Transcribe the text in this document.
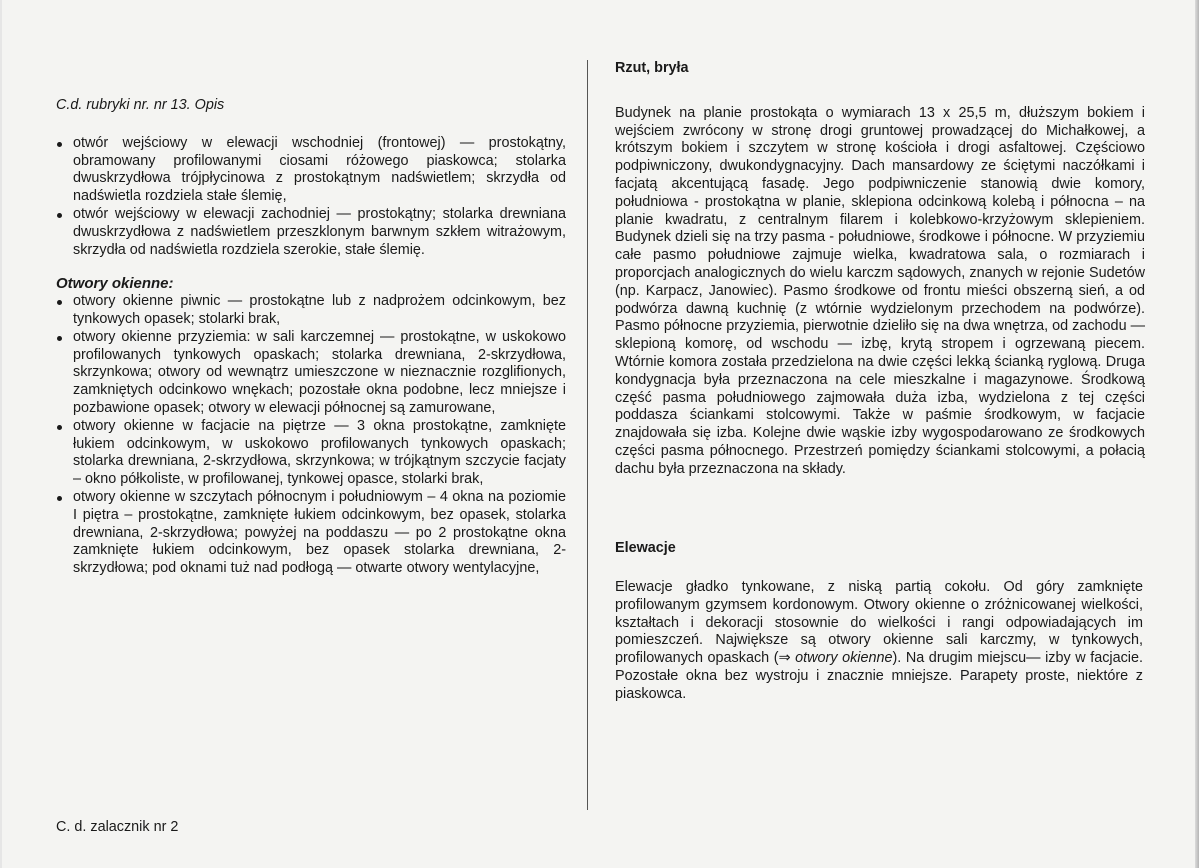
C.d. rubryki nr. nr 13. Opis

otwór wejściowy w elewacji wschodniej (frontowej) — prostokątny, obramowany profilowanymi ciosami różowego piaskowca; stolarka dwuskrzydłowa trójpłycinowa z prostokątnym nadświetlem; skrzydła od nadświetla rozdziela stałe ślemię,
otwór wejściowy w elewacji zachodniej — prostokątny; stolarka drewniana dwuskrzydłowa z nadświetlem przeszklonym barwnym szkłem witrażowym, skrzydła od nadświetla rozdziela szerokie, stałe ślemię.

Otwory okienne:

otwory okienne piwnic — prostokątne lub z nadprożem odcinkowym, bez tynkowych opasek; stolarki brak,
otwory okienne przyziemia: w sali karczemnej — prostokątne, w uskokowo profilowanych tynkowych opaskach; stolarka drewniana, 2-skrzydłowa, skrzynkowa; otwory od wewnątrz umieszczone w nieznacznie rozglifionych, zamkniętych odcinkowo wnękach; pozostałe okna podobne, lecz mniejsze i pozbawione opasek; otwory w elewacji północnej są zamurowane,
otwory okienne w facjacie na piętrze — 3 okna prostokątne, zamknięte łukiem odcinkowym, w uskokowo profilowanych tynkowych opaskach; stolarka drewniana, 2-skrzydłowa, skrzynkowa; w trójkątnym szczycie facjaty – okno półkoliste, w profilowanej, tynkowej opasce, stolarki brak,
otwory okienne w szczytach północnym i południowym – 4 okna na poziomie I piętra – prostokątne, zamknięte łukiem odcinkowym, bez opasek, stolarka drewniana, 2-skrzydłowa; powyżej na poddaszu — po 2 prostokątne okna zamknięte łukiem odcinkowym, bez opasek stolarka drewniana, 2-skrzydłowa; pod oknami tuż nad podłogą — otwarte otwory wentylacyjne,

Rzut, bryła

Budynek na planie prostokąta o wymiarach 13 x 25,5 m, dłuższym bokiem i wejściem zwrócony w stronę drogi gruntowej prowadzącej do Michałkowej, a krótszym bokiem i szczytem w stronę kościoła i drogi asfaltowej. Częściowo podpiwniczony, dwukondygnacyjny. Dach mansardowy ze ściętymi naczółkami i facjatą akcentującą fasadę. Jego podpiwniczenie stanowią dwie komory, południowa - prostokątna w planie, sklepiona odcinkową kolebą i północna – na planie kwadratu, z centralnym filarem i kolebkowo-krzyżowym sklepieniem. Budynek dzieli się na trzy pasma - południowe, środkowe i północne. W przyziemiu całe pasmo południowe zajmuje wielka, kwadratowa sala, o rozmiarach i proporcjach analogicznych do wielu karczm sądowych, znanych w rejonie Sudetów (np. Karpacz, Janowiec). Pasmo środkowe od frontu mieści obszerną sień, a od podwórza dawną kuchnię (z wtórnie wydzielonym przechodem na podwórze). Pasmo północne przyziemia, pierwotnie dzieliło się na dwa wnętrza, od zachodu — sklepioną komorę, od wschodu — izbę, krytą stropem i ogrzewaną piecem. Wtórnie komora została przedzielona na dwie części lekką ścianką ryglową. Druga kondygnacja była przeznaczona na cele mieszkalne i magazynowe. Środkową część pasma południowego zajmowała duża izba, wydzielona z tej części poddasza ściankami stolcowymi. Także w paśmie środkowym, w facjacie znajdowała się izba. Kolejne dwie wąskie izby wygospodarowano ze środkowych części pasma północnego. Przestrzeń pomiędzy ściankami stolcowymi, a połacią dachu była przeznaczona na składy.

Elewacje

Elewacje gładko tynkowane, z niską partią cokołu. Od góry zamknięte profilowanym gzymsem kordonowym. Otwory okienne o zróżnicowanej wielkości, kształtach i dekoracji stosownie do wielkości i rangi odpowiadających im pomieszczeń. Największe są otwory okienne sali karczmy, w tynkowych, profilowanych opaskach (⇒ otwory okienne). Na drugim miejscu— izby w facjacie. Pozostałe okna bez wystroju i znacznie mniejsze. Parapety proste, niektóre z piaskowca.

C. d. zalacznik nr 2
